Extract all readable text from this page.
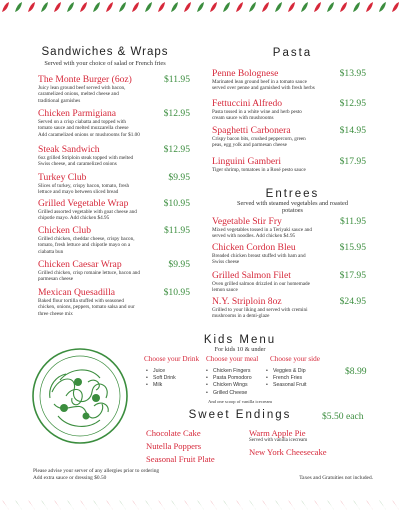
Sandwiches & Wraps
Served with your choice of salad or French fries
The Monte Burger (6oz)	$11.95
Juicy lean ground beef served with bacon,
caramelized onions, melted cheese and
traditional garnishes
Chicken Parmigiana	$12.95
Served on a crisp ciabatta and topped with
tomato sauce and melted mozzarella cheese
Add caramelized onions or mushrooms for $1.00
Steak Sandwich	$12.95
6oz grilled Striploin steak topped with melted
Swiss cheese, and caramelized onions
Turkey Club	$9.95
Slices of turkey, crispy bacon, tomato, fresh
lettuce and mayo between sliced bread
Grilled Vegetable Wrap	$10.95
Grilled assorted vegetable with goat cheese and
chipotle mayo. Add chicken $4.95
Chicken Club	$11.95
Grilled chicken, cheddar cheese, crispy bacon,
tomato, fresh lettuce and chipotle mayo on a
ciabatta bun
Chicken Caesar Wrap	$9.95
Grilled chicken, crisp romaine lettuce, bacon and
parmesan cheese
Mexican Quesadilla	$10.95
Baked flour tortilla stuffed with seasoned
chicken, onions, peppers, tomato salsa and our
three cheese mix
Pasta
Penne Bolognese	$13.95
Marinated lean ground beef in a tomato sauce
served over penne and garnished with fresh herbs
Fettuccini Alfredo	$12.95
Pasta tossed in a white wine and herb pesto
cream sauce with mushrooms
Spaghetti Carbonera	$14.95
Crispy bacon bits, crushed peppercorn, green
peas, egg yolk and parmesan cheese
Linguini Gamberi	$17.95
Tiger shrimp, tomatoes in a Rosé pesto sauce
Entrees
Served with steamed vegetables and roasted
potatoes
Vegetable Stir Fry	$11.95
Mixed vegetables tossed in a Teriyaki sauce and
served with noodles. Add chicken $4.95
Chicken Cordon Bleu	$15.95
Breaded chicken breast stuffed with ham and
Swiss cheese
Grilled Salmon Filet	$17.95
Oven grilled salmon drizzled in our homemade
lemon sauce
N.Y. Striploin 8oz	$24.95
Grilled to your liking and served with cremini
mushrooms in a demi-glaze
Kids Menu
For kids 10 & under
Choose your Drink Choose your meal Choose your side
• Juice
• Soft Drink
• Milk
• Chicken Fingers
• Pasta Pomodoro
• Chicken Wings
• Grilled Cheese
• Veggies & Dip
• French Fries
• Seasonal Fruit
$8.99
And one scoop of vanilla icecream
Sweet Endings	$5.50 each
Chocolate Cake
Nutella Poppers
Seasonal Fruit Plate
Warm Apple Pie
Served with vanilla icecream
New York Cheesecake
Please advise your server of any allergies prior to ordering
Add extra sauce or dressing $0.50	Taxes and Gratuities not included.
